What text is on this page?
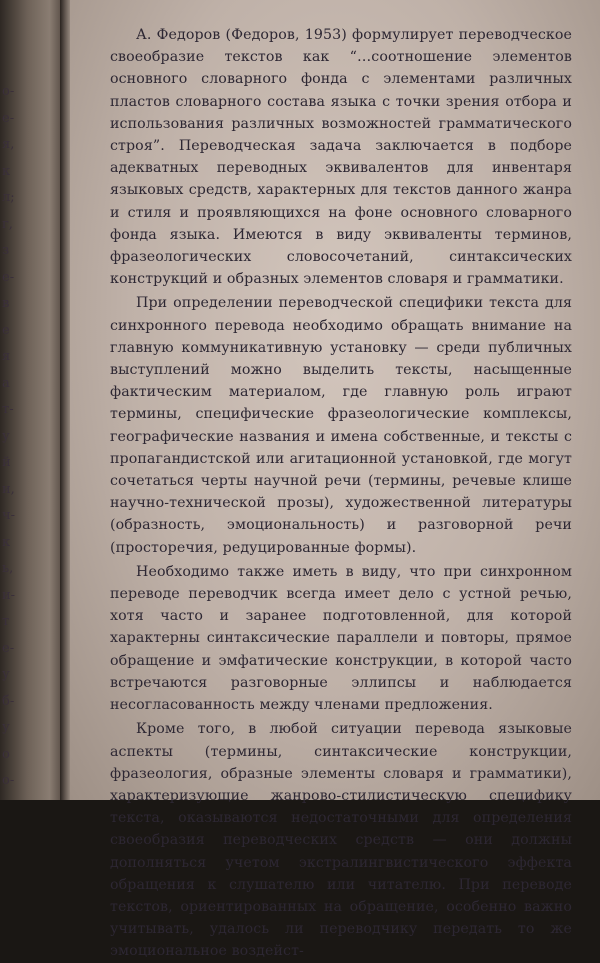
о-
е-
я,
к
л;
г,
з
е-
в
е
я
а
т-
у
й
и,
ч-
к
ь,
и-
т
е-
у
б-
у
о
о-

А. Федоров (Федоров, 1953) формулирует переводческое своеобразие текстов как “…соотношение элементов основного словарного фонда с элементами различных пластов словарного состава языка с точки зрения отбора и использования различных возможностей грамматического строя”. Переводческая задача заключается в подборе адекватных переводных эквивалентов для инвентаря языковых средств, характерных для текстов данного жанра и стиля и проявляющихся на фоне основного словарного фонда языка. Имеются в виду эквиваленты терминов, фразеологических словосочетаний, синтаксических конструкций и образных элементов словаря и грамматики.

При определении переводческой специфики текста для синхронного перевода необходимо обращать внимание на главную коммуникативную установку — среди публичных выступлений можно выделить тексты, насыщенные фактическим материалом, где главную роль играют термины, специфические фразеологические комплексы, географические названия и имена собственные, и тексты с пропагандистской или агитационной установкой, где могут сочетаться черты научной речи (термины, речевые клише научно-технической прозы), художественной литературы (образность, эмоциональность) и разговорной речи (просторечия, редуцированные формы).

Необходимо также иметь в виду, что при синхронном переводе переводчик всегда имеет дело с устной речью, хотя часто и заранее подготовленной, для которой характерны синтаксические параллели и повторы, прямое обращение и эмфатические конструкции, в которой часто встречаются разговорные эллипсы и наблюдается несогласованность между членами предложения.

Кроме того, в любой ситуации перевода языковые аспекты (термины, синтаксические конструкции, фразеология, образные элементы словаря и грамматики), характеризующие жанрово-стилистическую специфику текста, оказываются недостаточными для определения своеобразия переводческих средств — они должны дополняться учетом экстралингвистического эффекта обращения к слушателю или читателю. При переводе текстов, ориентированных на обращение, особенно важно учитывать, удалось ли переводчику передать то же эмоциональное воздейст-
